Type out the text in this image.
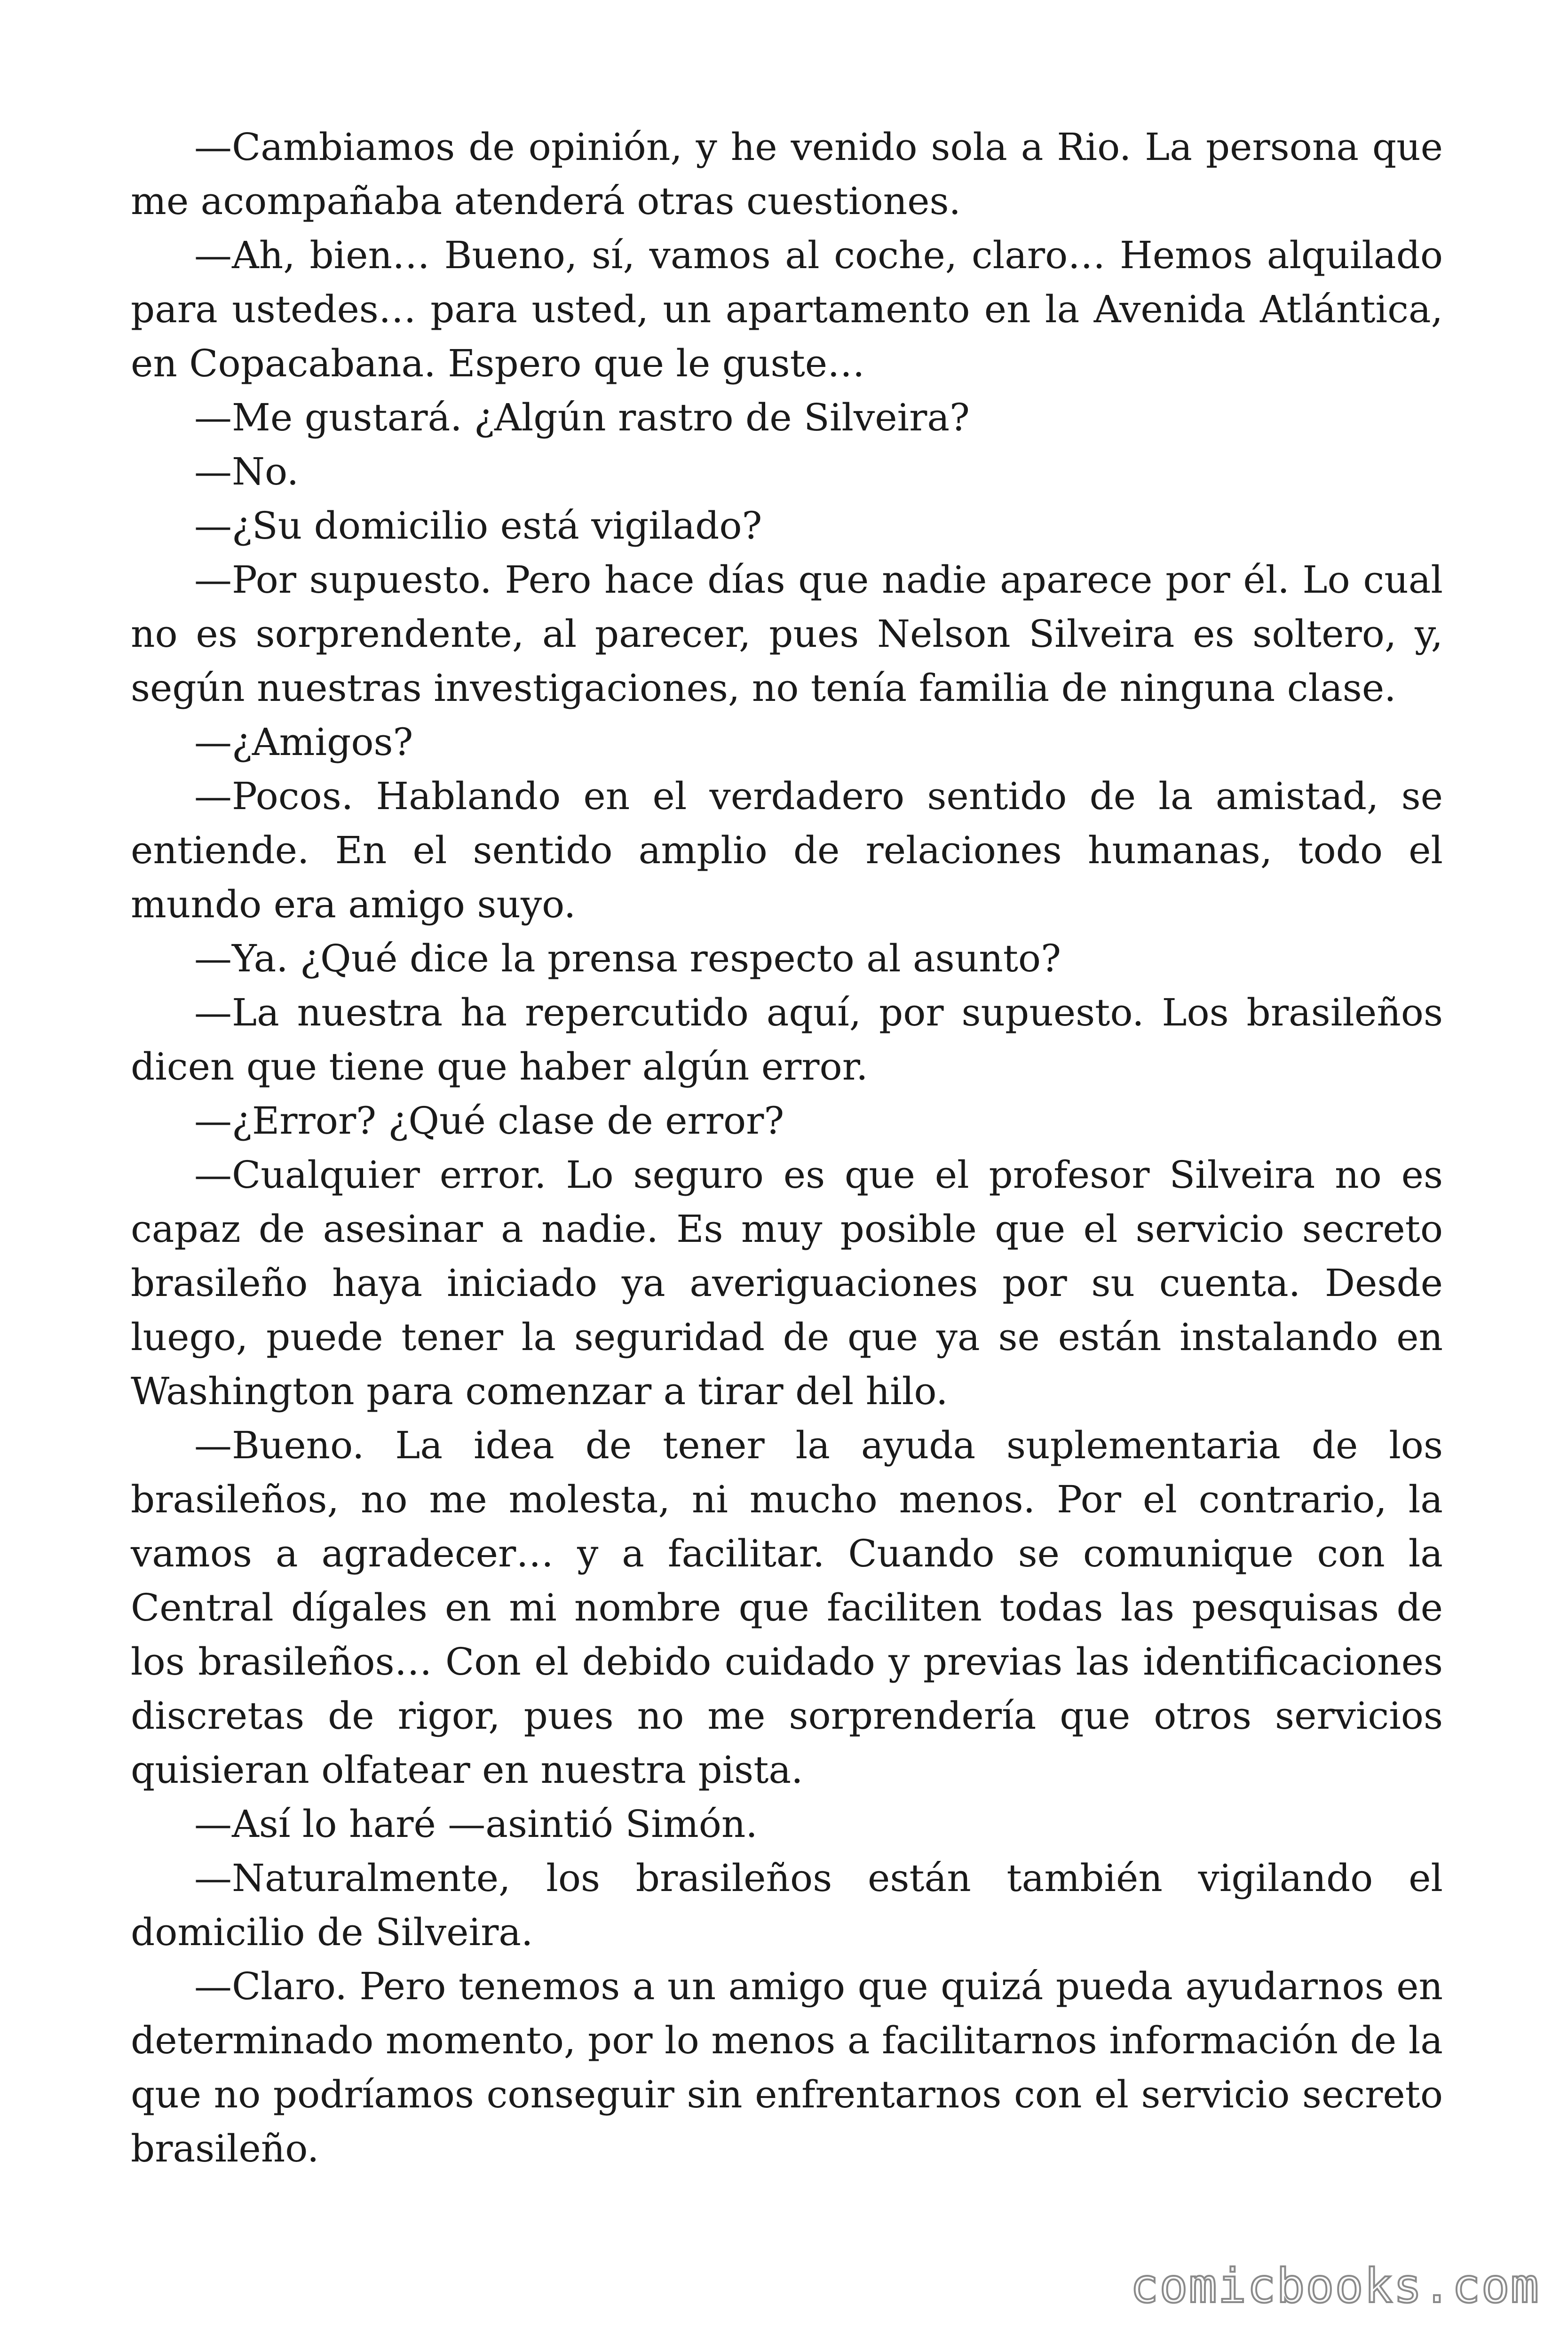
—Cambiamos de opinión, y he venido sola a Rio. La persona que me acompañaba atenderá otras cuestiones.

—Ah, bien… Bueno, sí, vamos al coche, claro… Hemos alquilado para ustedes… para usted, un apartamento en la Avenida Atlántica, en Copacabana. Espero que le guste…

—Me gustará. ¿Algún rastro de Silveira?

—No.

—¿Su domicilio está vigilado?

—Por supuesto. Pero hace días que nadie aparece por él. Lo cual no es sorprendente, al parecer, pues Nelson Silveira es soltero, y, según nuestras investigaciones, no tenía familia de ninguna clase.

—¿Amigos?

—Pocos. Hablando en el verdadero sentido de la amistad, se entiende. En el sentido amplio de relaciones humanas, todo el mundo era amigo suyo.

—Ya. ¿Qué dice la prensa respecto al asunto?

—La nuestra ha repercutido aquí, por supuesto. Los brasileños dicen que tiene que haber algún error.

—¿Error? ¿Qué clase de error?

—Cualquier error. Lo seguro es que el profesor Silveira no es capaz de asesinar a nadie. Es muy posible que el servicio secreto brasileño haya iniciado ya averiguaciones por su cuenta. Desde luego, puede tener la seguridad de que ya se están instalando en Washington para comenzar a tirar del hilo.

—Bueno. La idea de tener la ayuda suplementaria de los brasileños, no me molesta, ni mucho menos. Por el contrario, la vamos a agradecer… y a facilitar. Cuando se comunique con la Central dígales en mi nombre que faciliten todas las pesquisas de los brasileños… Con el debido cuidado y previas las identificaciones discretas de rigor, pues no me sorprendería que otros servicios quisieran olfatear en nuestra pista.

—Así lo haré —asintió Simón.

—Naturalmente, los brasileños están también vigilando el domicilio de Silveira.

—Claro. Pero tenemos a un amigo que quizá pueda ayudarnos en determinado momento, por lo menos a facilitarnos información de la que no podríamos conseguir sin enfrentarnos con el servicio secreto brasileño.

comicbooks.com
